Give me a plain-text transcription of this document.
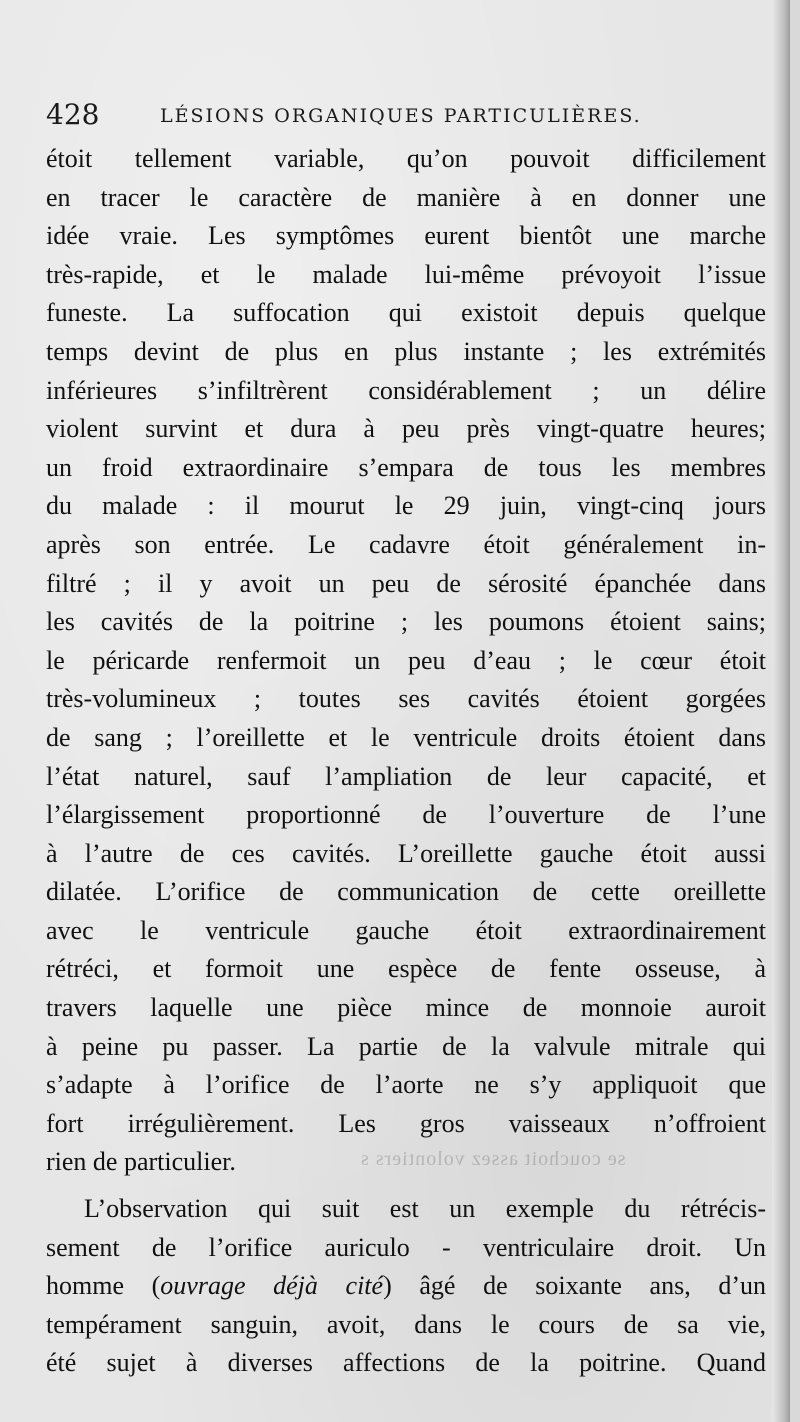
428	LÉSIONS ORGANIQUES PARTICULIÈRES.
se couchoit assez volontiers s
étoit tellement variable, qu’on pouvoit difficilement
en tracer le caractère de manière à en donner une
idée vraie. Les symptômes eurent bientôt une marche
très-rapide, et le malade lui-même prévoyoit l’issue
funeste. La suffocation qui existoit depuis quelque
temps devint de plus en plus instante ; les extrémités
inférieures s’infiltrèrent considérablement ; un délire
violent survint et dura à peu près vingt-quatre heures;
un froid extraordinaire s’empara de tous les membres
du malade : il mourut le 29 juin, vingt-cinq jours
après son entrée. Le cadavre étoit généralement in-
filtré ; il y avoit un peu de sérosité épanchée dans
les cavités de la poitrine ; les poumons étoient sains;
le péricarde renfermoit un peu d’eau ; le cœur étoit
très-volumineux ; toutes ses cavités étoient gorgées
de sang ; l’oreillette et le ventricule droits étoient dans
l’état naturel, sauf l’ampliation de leur capacité, et
l’élargissement proportionné de l’ouverture de l’une
à l’autre de ces cavités. L’oreillette gauche étoit aussi
dilatée. L’orifice de communication de cette oreillette
avec le ventricule gauche étoit extraordinairement
rétréci, et formoit une espèce de fente osseuse, à
travers laquelle une pièce mince de monnoie auroit
à peine pu passer. La partie de la valvule mitrale qui
s’adapte à l’orifice de l’aorte ne s’y appliquoit que
fort irrégulièrement. Les gros vaisseaux n’offroient
rien de particulier.
L’observation qui suit est un exemple du rétrécis-
sement de l’orifice auriculo - ventriculaire droit. Un
homme (ouvrage déjà cité) âgé de soixante ans, d’un
tempérament sanguin, avoit, dans le cours de sa vie,
été sujet à diverses affections de la poitrine. Quand
